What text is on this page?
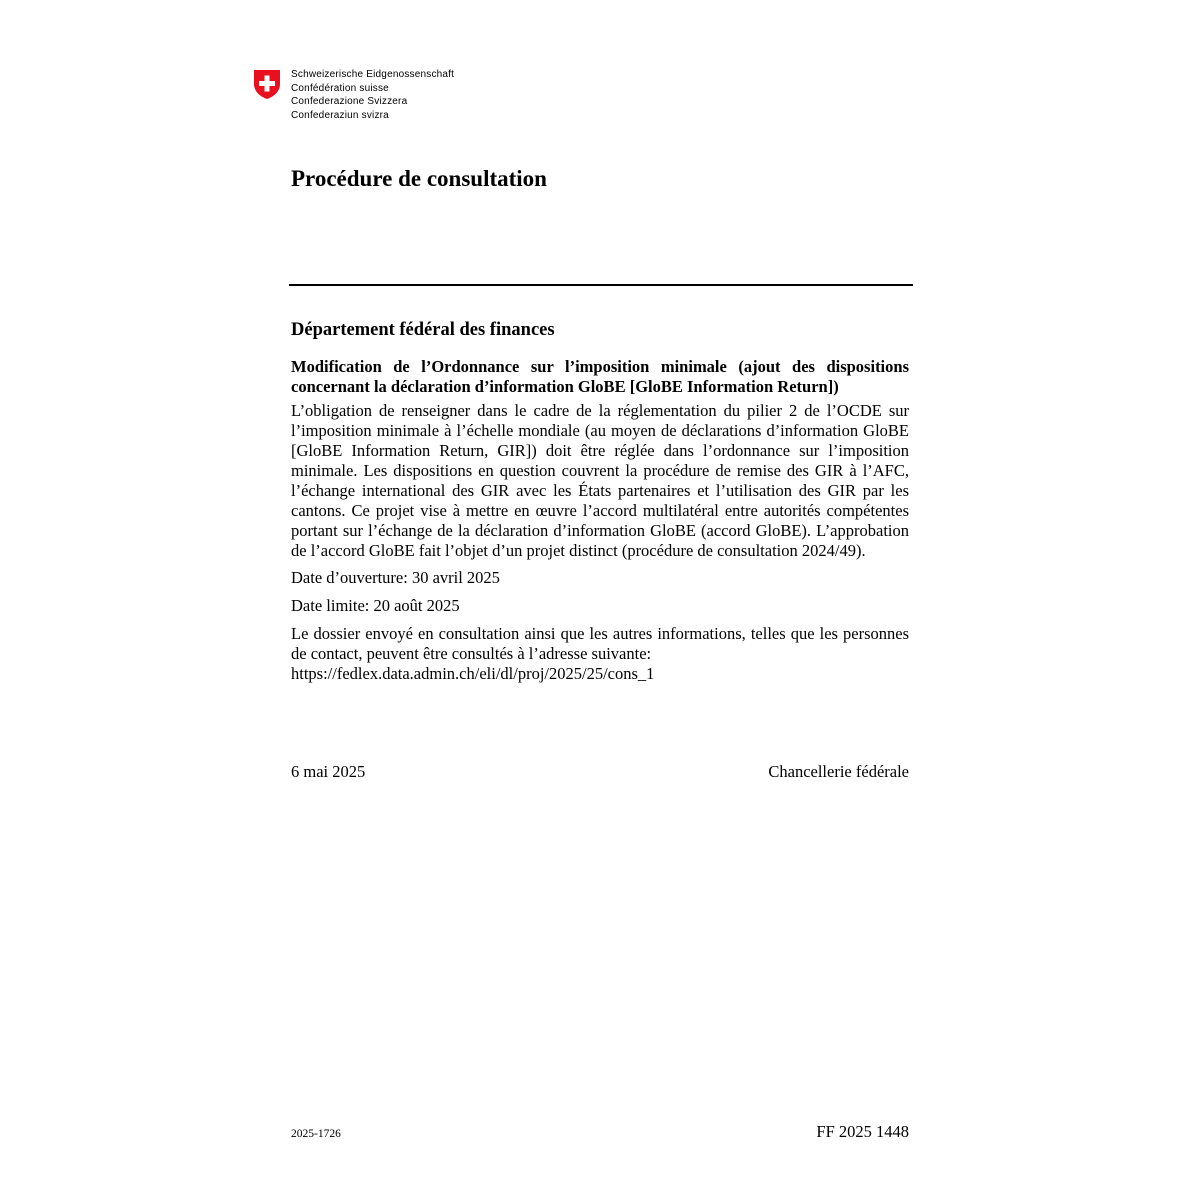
Schweizerische Eidgenossenschaft
Confédération suisse
Confederazione Svizzera
Confederaziun svizra
Procédure de consultation
Département fédéral des finances

Modification de l’Ordonnance sur l’imposition minimale (ajout des dispositions concernant la déclaration d’information GloBE [GloBE Information Return])

L’obligation de renseigner dans le cadre de la réglementation du pilier 2 de l’OCDE sur l’imposition minimale à l’échelle mondiale (au moyen de déclarations d’information GloBE [GloBE Information Return, GIR]) doit être réglée dans l’ordonnance sur l’imposition minimale. Les dispositions en question couvrent la procédure de remise des GIR à l’AFC, l’échange international des GIR avec les États partenaires et l’utilisation des GIR par les cantons. Ce projet vise à mettre en œuvre l’accord multilatéral entre autorités compétentes portant sur l’échange de la déclaration d’information GloBE (accord GloBE). L’approbation de l’accord GloBE fait l’objet d’un projet distinct (procédure de consultation 2024/49).

Date d’ouverture: 30 avril 2025

Date limite: 20 août 2025

Le dossier envoyé en consultation ainsi que les autres informations, telles que les personnes de contact, peuvent être consultés à l’adresse suivante:
https://fedlex.data.admin.ch/eli/dl/proj/2025/25/cons_1

6 mai 2025	Chancellerie fédérale
2025-1726	FF 2025 1448
